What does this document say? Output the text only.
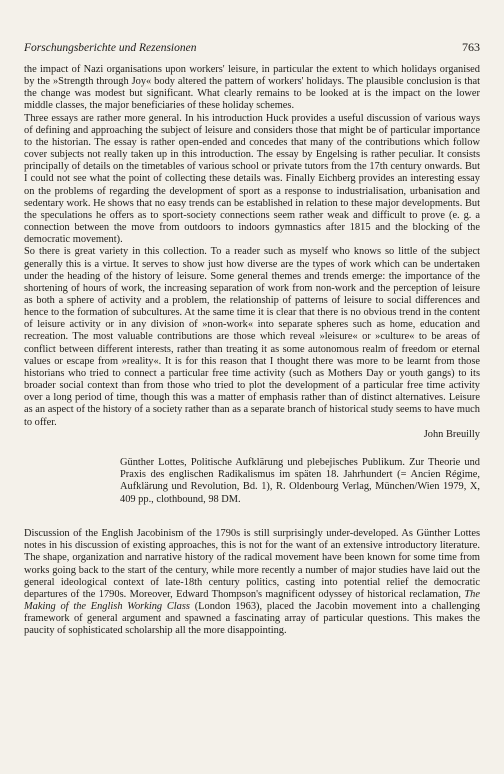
Forschungsberichte und Rezensionen	763

the impact of Nazi organisations upon workers' leisure, in particular the extent to which holidays organised by the »Strength through Joy« body altered the pattern of workers' holidays. The plausible conclusion is that the change was modest but significant. What clearly remains to be looked at is the impact on the lower middle classes, the major beneficiaries of these holiday schemes.

Three essays are rather more general. In his introduction Huck provides a useful discussion of various ways of defining and approaching the subject of leisure and considers those that might be of particular importance to the historian. The essay is rather open-ended and concedes that many of the contributions which follow cover subjects not really taken up in this introduction. The essay by Engelsing is rather peculiar. It consists principally of details on the timetables of various school or private tutors from the 17th century onwards. But I could not see what the point of collecting these details was. Finally Eichberg provides an interesting essay on the problems of regarding the development of sport as a response to industrialisation, urbanisation and sedentary work. He shows that no easy trends can be established in relation to these major developments. But the speculations he offers as to sport-society connections seem rather weak and difficult to prove (e. g. a connection between the move from outdoors to indoors gymnastics after 1815 and the blocking of the democratic movement).

So there is great variety in this collection. To a reader such as myself who knows so little of the subject generally this is a virtue. It serves to show just how diverse are the types of work which can be undertaken under the heading of the history of leisure. Some general themes and trends emerge: the importance of the shortening of hours of work, the increasing separation of work from non-work and the perception of leisure as both a sphere of activity and a problem, the relationship of patterns of leisure to social differences and hence to the formation of subcultures. At the same time it is clear that there is no obvious trend in the content of leisure activity or in any division of »non-work« into separate spheres such as home, education and recreation. The most valuable contributions are those which reveal »leisure« or »culture« to be areas of conflict between different interests, rather than treating it as some autonomous realm of freedom or eternal values or escape from »reality«. It is for this reason that I thought there was more to be learnt from those historians who tried to connect a particular free time activity (such as Mothers Day or youth gangs) to its broader social context than from those who tried to plot the development of a particular free time activity over a long period of time, though this was a matter of emphasis rather than of distinct alternatives. Leisure as an aspect of the history of a society rather than as a separate branch of historical study seems to have much to offer.

John Breuilly
Günther Lottes, Politische Aufklärung und plebejisches Publikum. Zur Theorie und Praxis des englischen Radikalismus im späten 18. Jahrhundert (= Ancien Régime, Aufklärung und Revolution, Bd. 1), R. Oldenbourg Verlag, München/Wien 1979, X, 409 pp., clothbound, 98 DM.

Discussion of the English Jacobinism of the 1790s is still surprisingly under-developed. As Günther Lottes notes in his discussion of existing approaches, this is not for the want of an extensive introductory literature. The shape, organization and narrative history of the radical movement have been known for some time from works going back to the start of the century, while more recently a number of major studies have laid out the general ideological context of late-18th century politics, casting into potential relief the democratic departures of the 1790s. Moreover, Edward Thompson's magnificent odyssey of historical reclamation, The Making of the English Working Class (London 1963), placed the Jacobin movement into a challenging framework of general argument and spawned a fascinating array of particular questions. This makes the paucity of sophisticated scholarship all the more disappointing.
